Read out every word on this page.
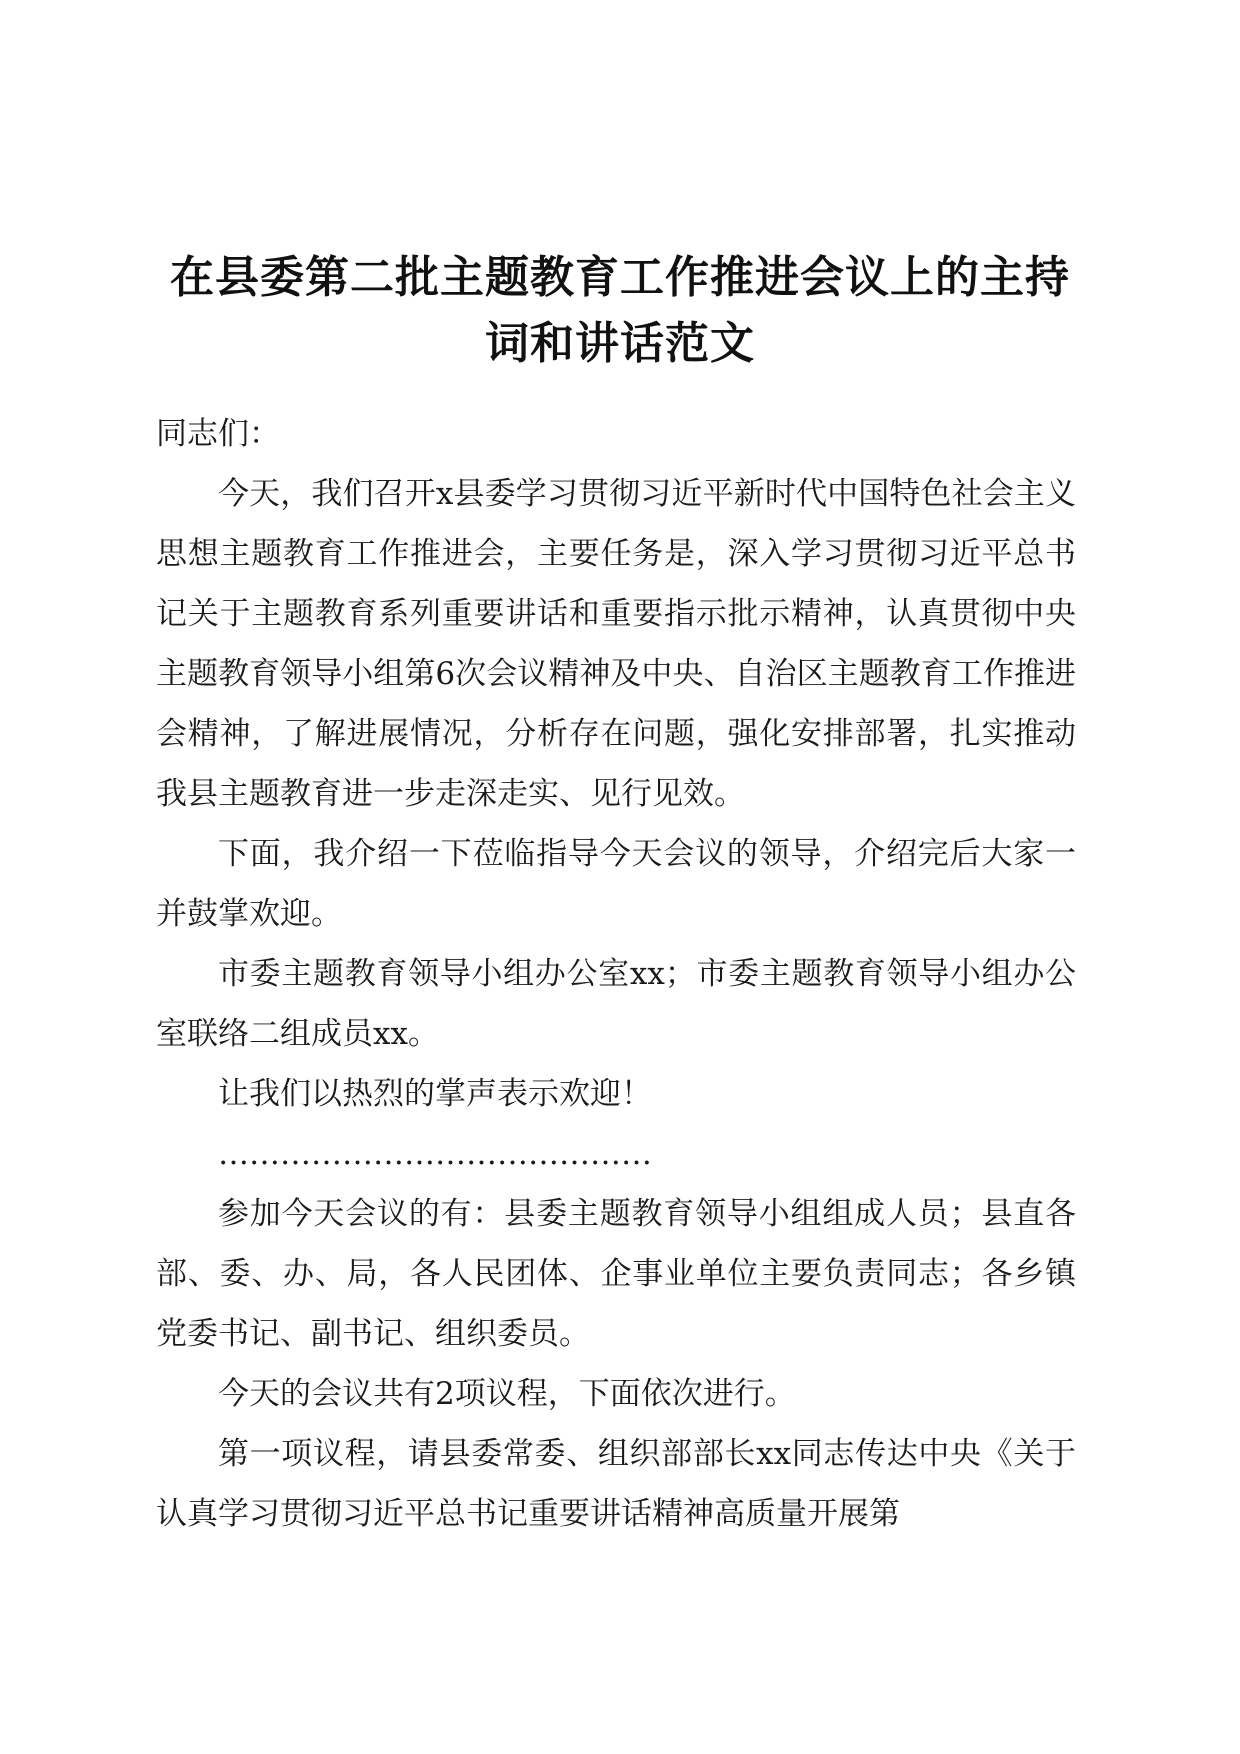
在县委第二批主题教育工作推进会议上的主持词和讲话范文

同志们：

今天，我们召开x县委学习贯彻习近平新时代中国特色社会主义思想主题教育工作推进会，主要任务是，深入学习贯彻习近平总书记关于主题教育系列重要讲话和重要指示批示精神，认真贯彻中央主题教育领导小组第6次会议精神及中央、自治区主题教育工作推进会精神，了解进展情况，分析存在问题，强化安排部署，扎实推动我县主题教育进一步走深走实、见行见效。

下面，我介绍一下莅临指导今天会议的领导，介绍完后大家一并鼓掌欢迎。

市委主题教育领导小组办公室xx；市委主题教育领导小组办公室联络二组成员xx。

让我们以热烈的掌声表示欢迎！

……………………………………

参加今天会议的有：县委主题教育领导小组组成人员；县直各部、委、办、局，各人民团体、企事业单位主要负责同志；各乡镇党委书记、副书记、组织委员。

今天的会议共有2项议程，下面依次进行。

第一项议程，请县委常委、组织部部长xx同志传达中央《关于认真学习贯彻习近平总书记重要讲话精神高质量开展第
